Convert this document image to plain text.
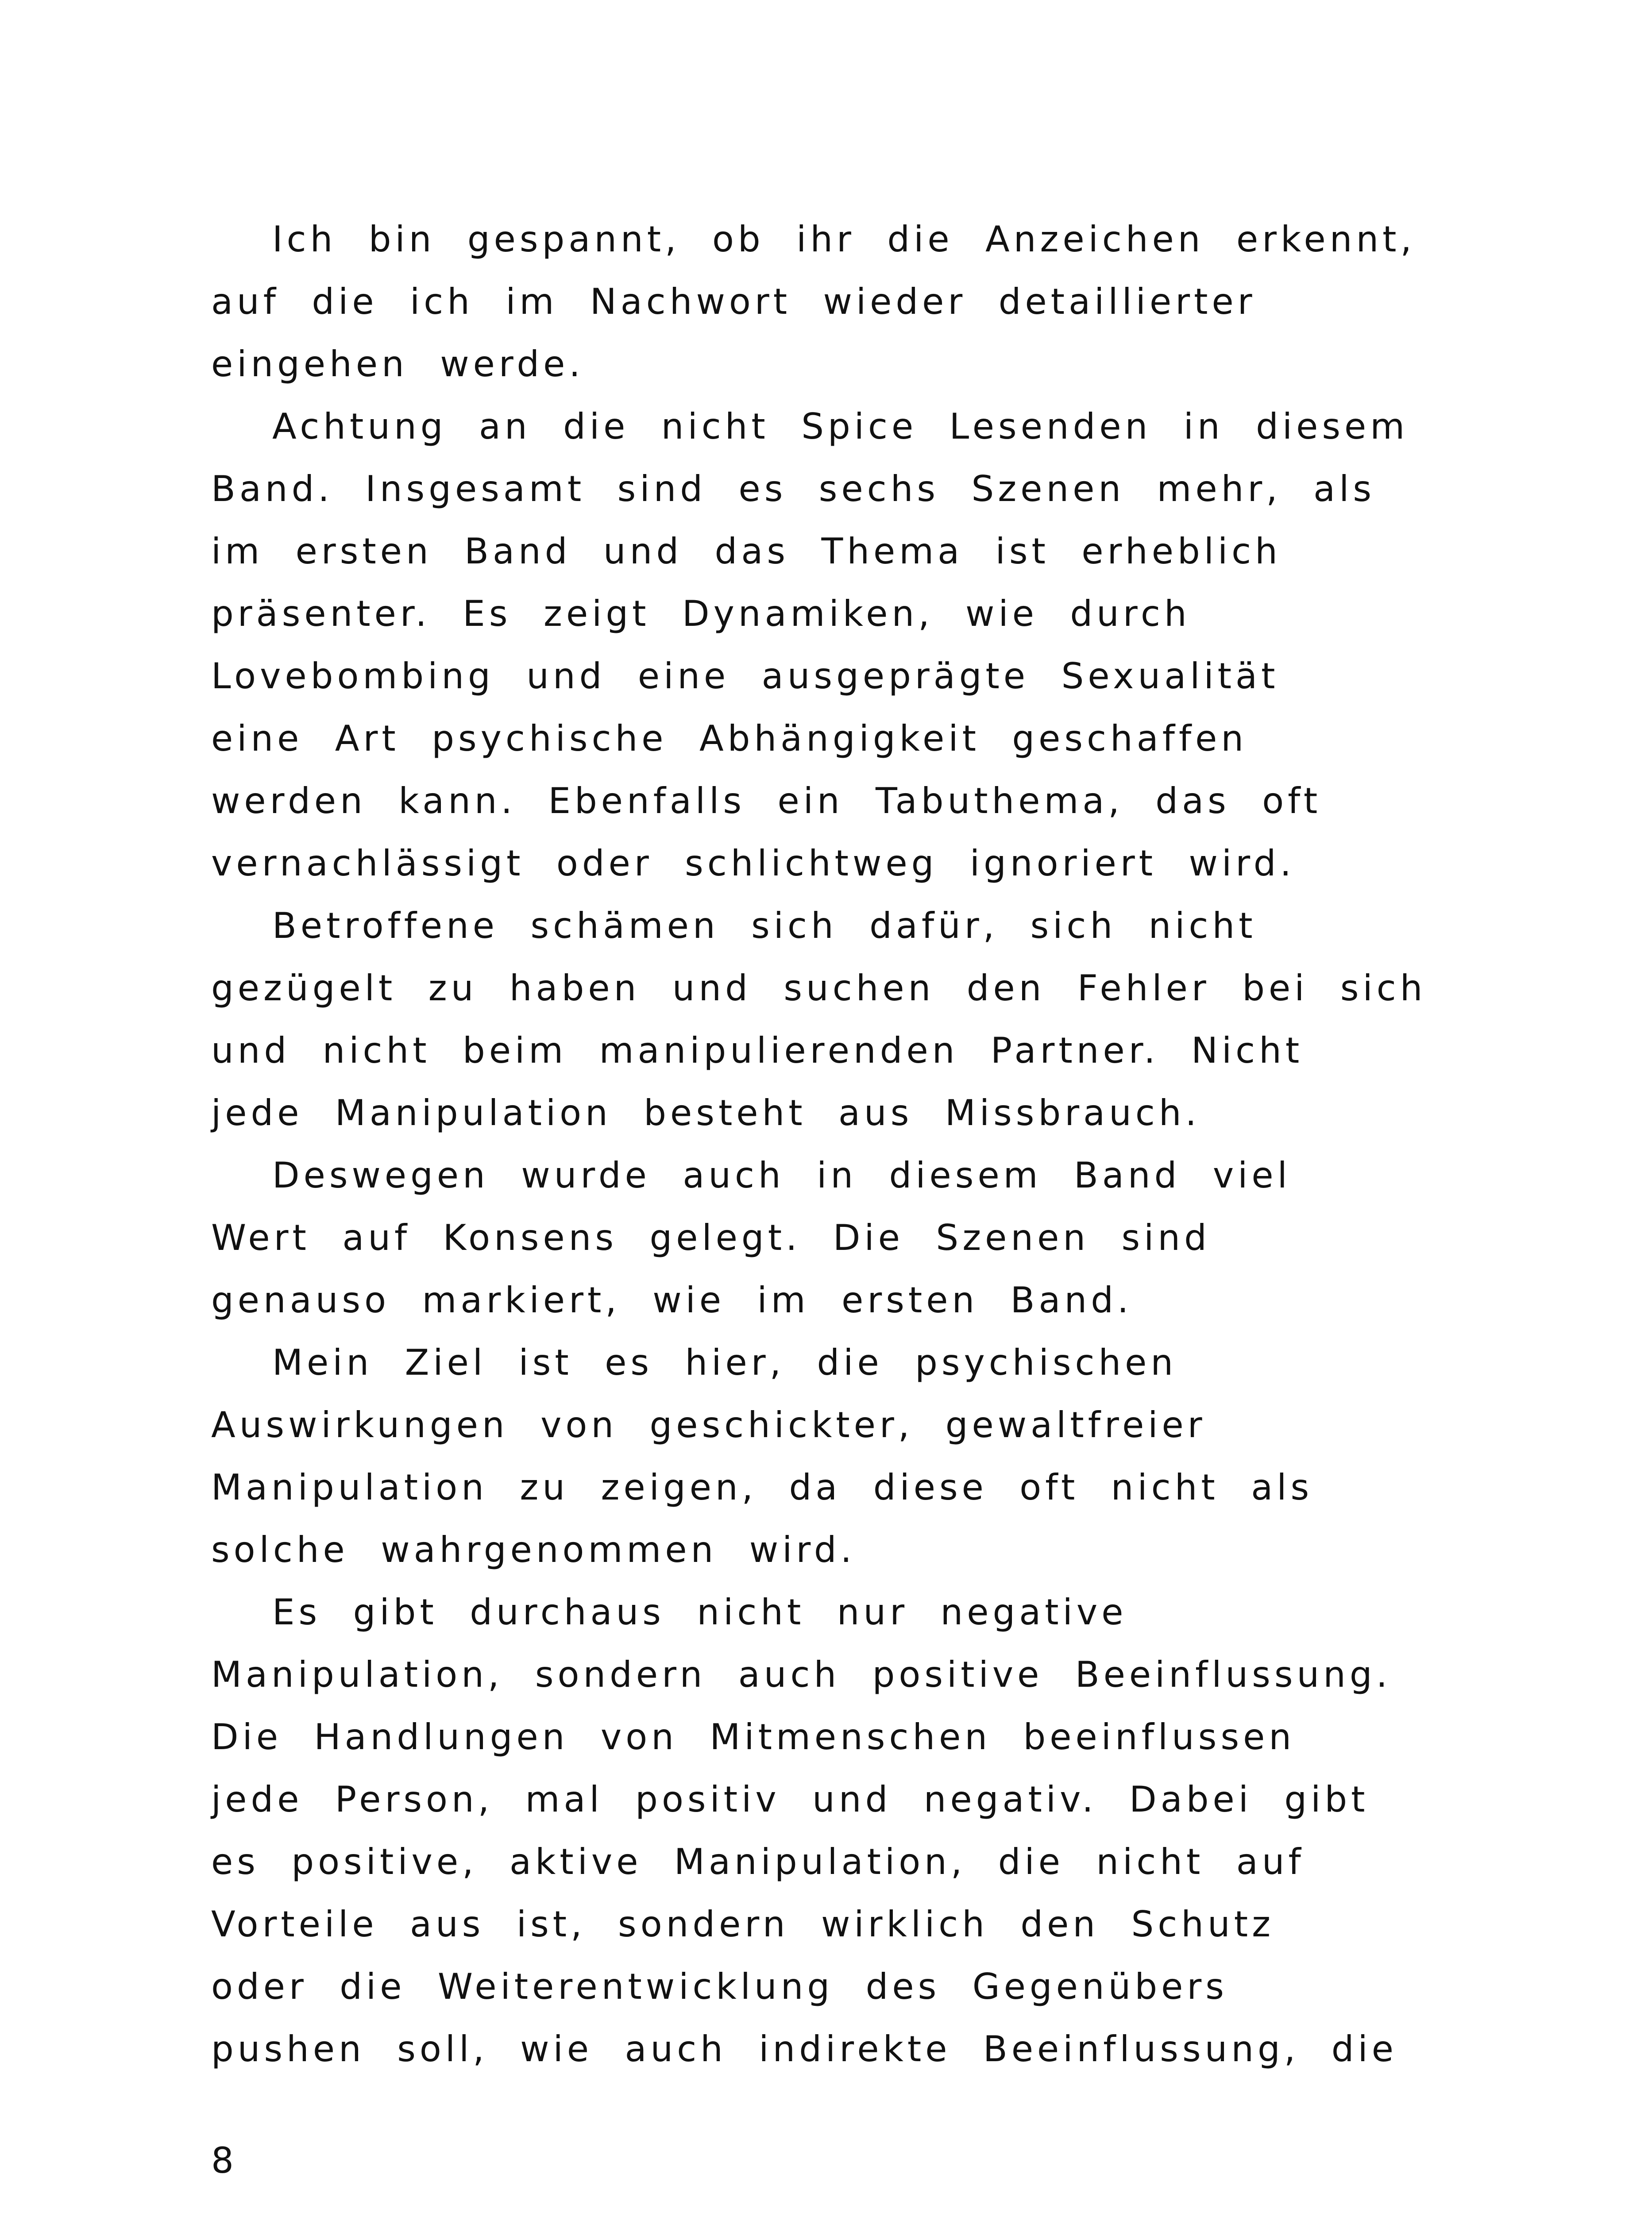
Ich bin gespannt, ob ihr die Anzeichen erkennt,
auf die ich im Nachwort wieder detaillierter
eingehen werde.
Achtung an die nicht Spice Lesenden in diesem
Band. Insgesamt sind es sechs Szenen mehr, als
im ersten Band und das Thema ist erheblich
präsenter. Es zeigt Dynamiken, wie durch
Lovebombing und eine ausgeprägte Sexualität
eine Art psychische Abhängigkeit geschaffen
werden kann. Ebenfalls ein Tabuthema, das oft
vernachlässigt oder schlichtweg ignoriert wird.
Betroffene schämen sich dafür, sich nicht
gezügelt zu haben und suchen den Fehler bei sich
und nicht beim manipulierenden Partner. Nicht
jede Manipulation besteht aus Missbrauch.
Deswegen wurde auch in diesem Band viel
Wert auf Konsens gelegt. Die Szenen sind
genauso markiert, wie im ersten Band.
Mein Ziel ist es hier, die psychischen
Auswirkungen von geschickter, gewaltfreier
Manipulation zu zeigen, da diese oft nicht als
solche wahrgenommen wird.
Es gibt durchaus nicht nur negative
Manipulation, sondern auch positive Beeinflussung.
Die Handlungen von Mitmenschen beeinflussen
jede Person, mal positiv und negativ. Dabei gibt
es positive, aktive Manipulation, die nicht auf
Vorteile aus ist, sondern wirklich den Schutz
oder die Weiterentwicklung des Gegenübers
pushen soll, wie auch indirekte Beeinflussung, die
8
